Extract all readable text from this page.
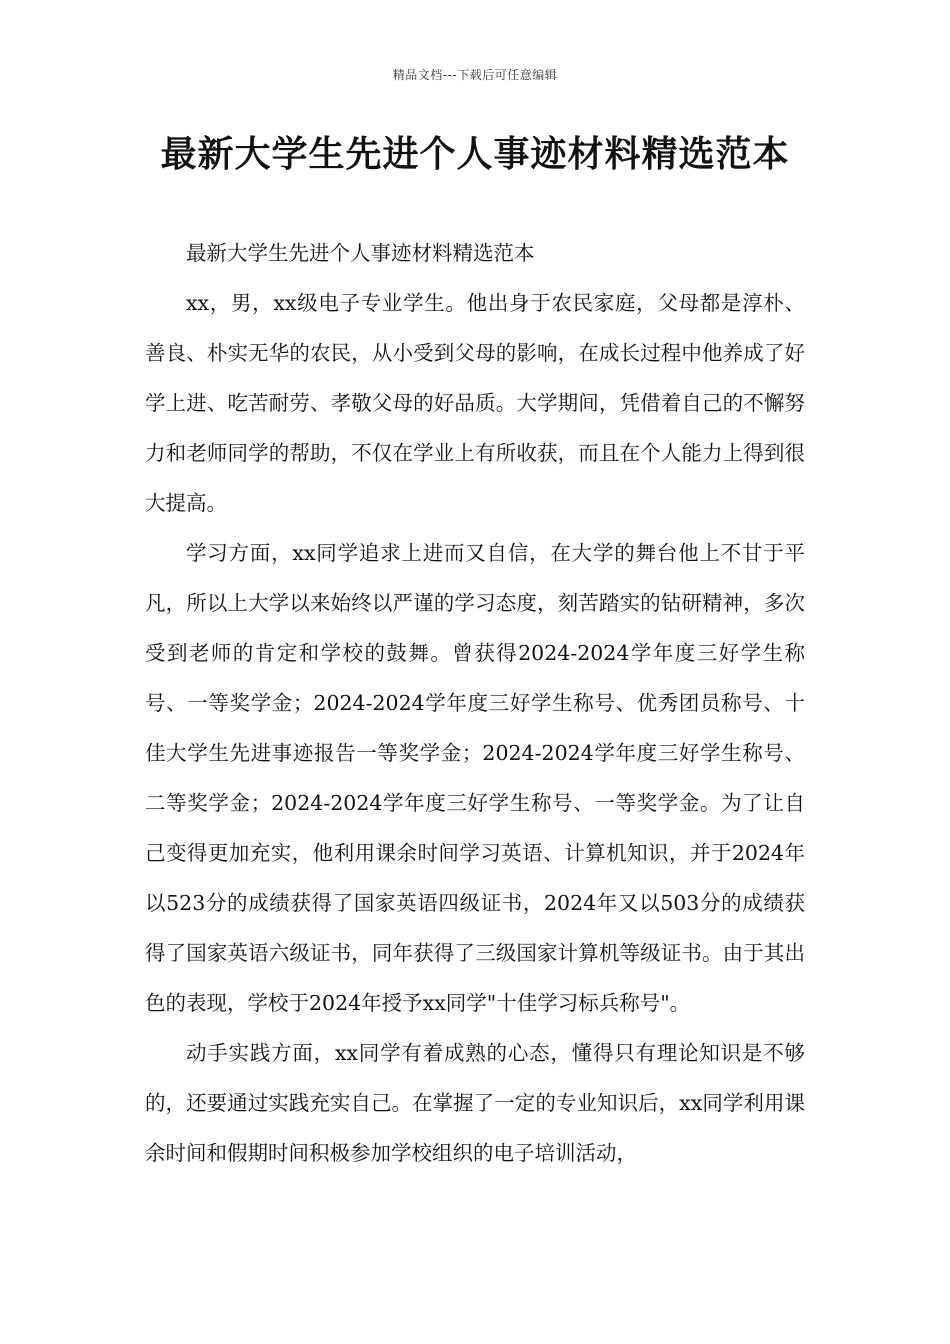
精品文档---下载后可任意编辑
最新大学生先进个人事迹材料精选范本

最新大学生先进个人事迹材料精选范本

xx，男，xx级电子专业学生。他出身于农民家庭，父母都是淳朴、善良、朴实无华的农民，从小受到父母的影响，在成长过程中他养成了好学上进、吃苦耐劳、孝敬父母的好品质。大学期间，凭借着自己的不懈努力和老师同学的帮助，不仅在学业上有所收获，而且在个人能力上得到很大提高。

学习方面，xx同学追求上进而又自信，在大学的舞台他上不甘于平凡，所以上大学以来始终以严谨的学习态度，刻苦踏实的钻研精神，多次受到老师的肯定和学校的鼓舞。曾获得2024-2024学年度三好学生称号、一等奖学金；2024-2024学年度三好学生称号、优秀团员称号、十佳大学生先进事迹报告一等奖学金；2024-2024学年度三好学生称号、二等奖学金；2024-2024学年度三好学生称号、一等奖学金。为了让自己变得更加充实，他利用课余时间学习英语、计算机知识，并于2024年以523分的成绩获得了国家英语四级证书，2024年又以503分的成绩获得了国家英语六级证书，同年获得了三级国家计算机等级证书。由于其出色的表现，学校于2024年授予xx同学"十佳学习标兵称号"。

动手实践方面，xx同学有着成熟的心态，懂得只有理论知识是不够的，还要通过实践充实自己。在掌握了一定的专业知识后，xx同学利用课余时间和假期时间积极参加学校组织的电子培训活动，
